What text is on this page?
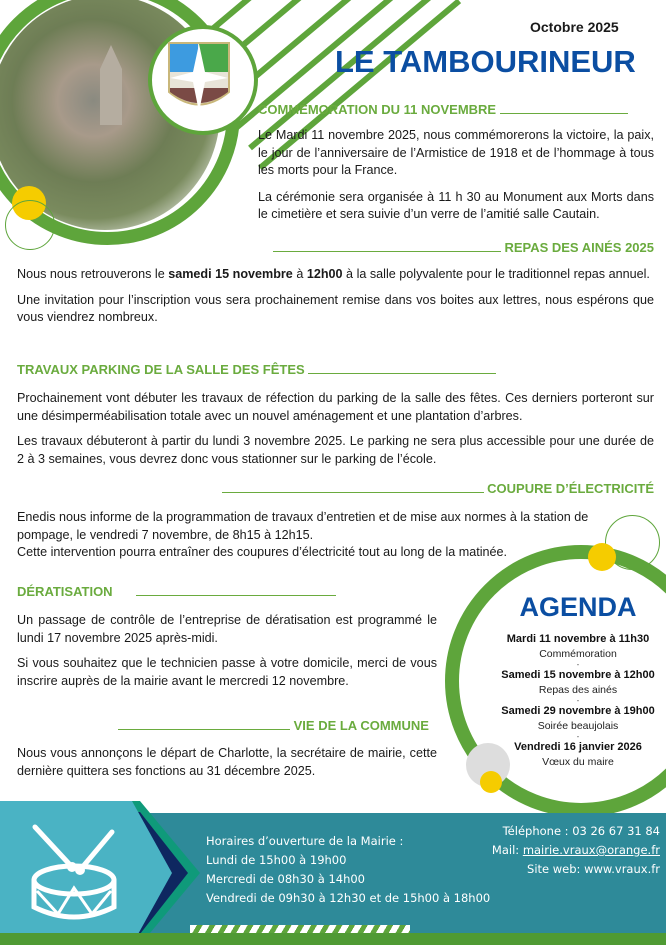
Octobre 2025
LE TAMBOURINEUR
COMMÉMORATION DU 11 NOVEMBRE

Le Mardi 11 novembre 2025, nous commémorerons la victoire, la paix, le jour de l’anniversaire de l’Armistice de 1918 et de l’hommage à tous les morts pour la France.

La cérémonie sera organisée à 11 h 30 au Monument aux Morts dans le cimetière et sera suivie d’un verre de l’amitié salle Cautain.

REPAS DES AINÉS 2025

Nous nous retrouverons le samedi 15 novembre à 12h00 à la salle polyvalente pour le traditionnel repas annuel.

Une invitation pour l’inscription vous sera prochainement remise dans vos boites aux lettres, nous espérons que vous viendrez nombreux.

TRAVAUX PARKING DE LA SALLE DES FÊTES

Prochainement vont débuter les travaux de réfection du parking de la salle des fêtes. Ces derniers porteront sur une désimperméabilisation totale avec un nouvel aménagement et une plantation d’arbres.

Les travaux débuteront à partir du lundi 3 novembre 2025. Le parking ne sera plus accessible pour une durée de 2 à 3 semaines, vous devrez donc vous stationner sur le parking de l’école.

COUPURE D’ÉLECTRICITÉ

Enedis nous informe de la programmation de travaux d’entretien et de mise aux normes à la station de pompage, le vendredi 7 novembre, de 8h15 à 12h15.

Cette intervention pourra entraîner des coupures d’électricité tout au long de la matinée.

AGENDA
Mardi 11 novembre à 11h30
Commémoration
-
Samedi 15 novembre à 12h00
Repas des ainés
-
Samedi 29 novembre à 19h00
Soirée beaujolais
-
Vendredi 16 janvier 2026
Vœux du maire
DÉRATISATION

Un passage de contrôle de l’entreprise de dératisation est programmé le lundi 17 novembre 2025 après-midi.

Si vous souhaitez que le technicien passe à votre domicile, merci de vous inscrire auprès de la mairie avant le mercredi 12 novembre.

VIE DE LA COMMUNE

Nous vous annonçons le départ de Charlotte, la secrétaire de mairie, cette dernière quittera ses fonctions au 31 décembre 2025.

Horaires d’ouverture de la Mairie :
Lundi de 15h00 à 19h00
Mercredi de 08h30 à 14h00
Vendredi de 09h30 à 12h30 et de 15h00 à 18h00
Téléphone : 03 26 67 31 84
Mail: mairie.vraux@orange.fr
Site web: www.vraux.fr
